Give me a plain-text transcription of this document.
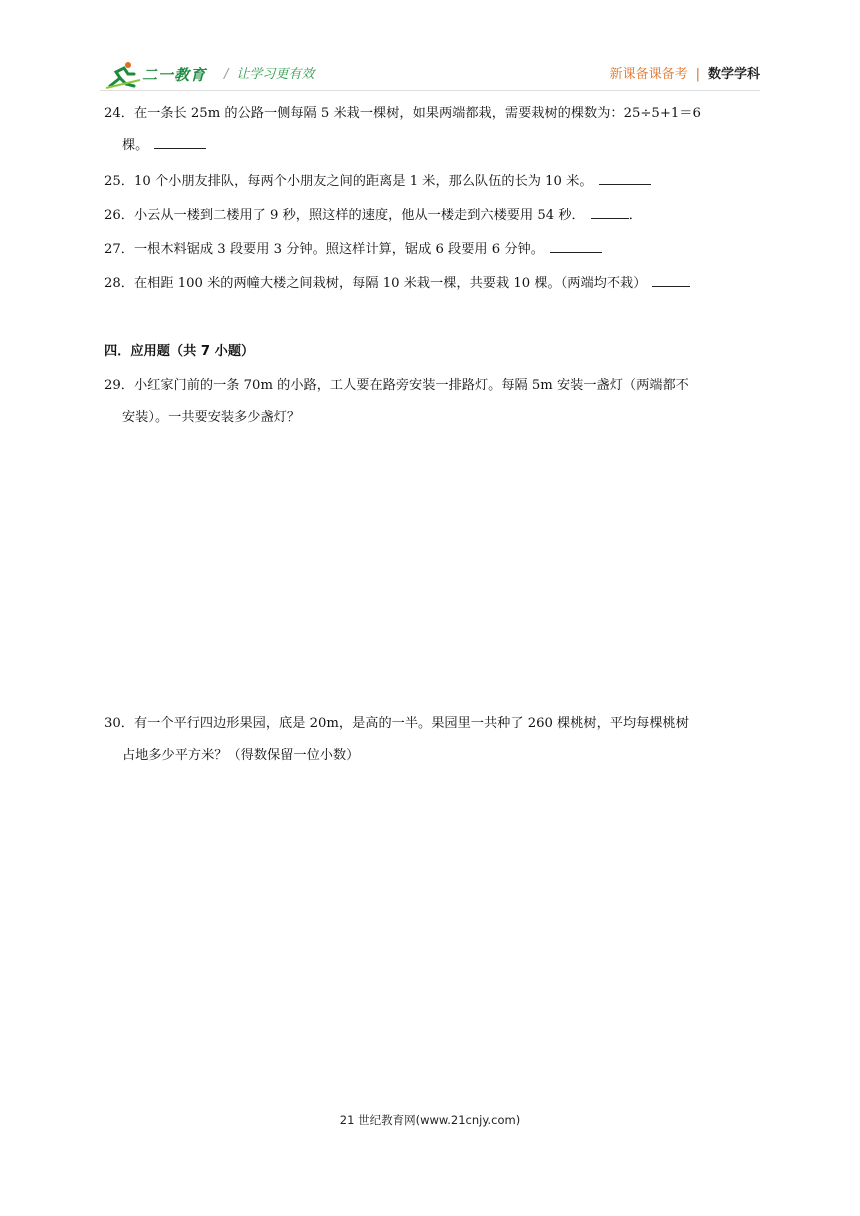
二一教育 / 让学习更有效	新课备课备考 | 数学学科
24．在一条长 25m 的公路一侧每隔 5 米栽一棵树，如果两端都栽，需要栽树的棵数为：25÷5+1＝6
棵。
25．10 个小朋友排队，每两个小朋友之间的距离是 1 米，那么队伍的长为 10 米。
26．小云从一楼到二楼用了 9 秒，照这样的速度，他从一楼走到六楼要用 54 秒．	．
27．一根木料锯成 3 段要用 3 分钟。照这样计算，锯成 6 段要用 6 分钟。
28．在相距 100 米的两幢大楼之间栽树，每隔 10 米栽一棵，共要栽 10 棵。（两端均不栽）
四．应用题（共 7 小题）
29．小红家门前的一条 70m 的小路，工人要在路旁安装一排路灯。每隔 5m 安装一盏灯（两端都不
安装）。一共要安装多少盏灯？
30．有一个平行四边形果园，底是 20m，是高的一半。果园里一共种了 260 棵桃树，平均每棵桃树
占地多少平方米？（得数保留一位小数）
21 世纪教育网(www.21cnjy.com)
